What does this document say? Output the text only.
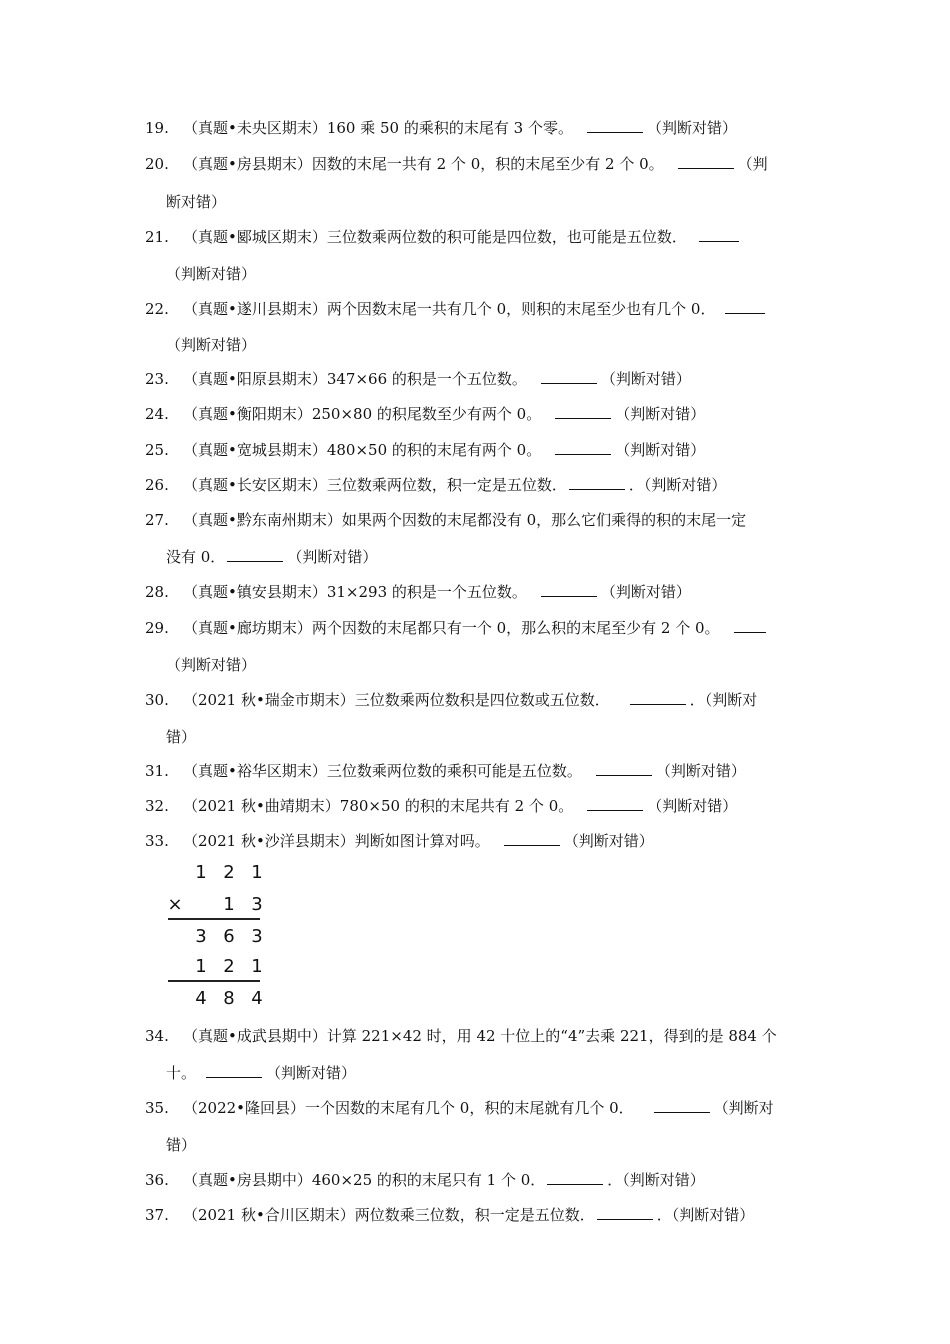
19. （真题•未央区期末）160 乘 50 的乘积的末尾有 3 个零。	（判断对错）
20. （真题•房县期末）因数的末尾一共有 2 个 0，积的末尾至少有 2 个 0。	（判
断对错）
21. （真题•郾城区期末）三位数乘两位数的积可能是四位数，也可能是五位数．
（判断对错）
22. （真题•遂川县期末）两个因数末尾一共有几个 0，则积的末尾至少也有几个 0．
（判断对错）
23. （真题•阳原县期末）347×66 的积是一个五位数。	（判断对错）
24. （真题•衡阳期末）250×80 的积尾数至少有两个 0。	（判断对错）
25. （真题•宽城县期末）480×50 的积的末尾有两个 0。	（判断对错）
26. （真题•长安区期末）三位数乘两位数，积一定是五位数．	．（判断对错）
27. （真题•黔东南州期末）如果两个因数的末尾都没有 0，那么它们乘得的积的末尾一定
没有 0．	（判断对错）
28. （真题•镇安县期末）31×293 的积是一个五位数。	（判断对错）
29. （真题•廊坊期末）两个因数的末尾都只有一个 0，那么积的末尾至少有 2 个 0。
（判断对错）
30. （2021 秋•瑞金市期末）三位数乘两位数积是四位数或五位数．	．（判断对
错）
31. （真题•裕华区期末）三位数乘两位数的乘积可能是五位数。	（判断对错）
32. （2021 秋•曲靖期末）780×50 的积的末尾共有 2 个 0。	（判断对错）
33. （2021 秋•沙洋县期末）判断如图计算对吗。	（判断对错）
1 2 1
× 1 3
3 6 3
1 2 1
4 8 4
34. （真题•成武县期中）计算 221×42 时，用 42 十位上的“4”去乘 221，得到的是 884 个
十。	（判断对错）
35. （2022•隆回县）一个因数的末尾有几个 0，积的末尾就有几个 0．	（判断对
错）
36. （真题•房县期中）460×25 的积的末尾只有 1 个 0．	．（判断对错）
37. （2021 秋•合川区期末）两位数乘三位数，积一定是五位数．	．（判断对错）
